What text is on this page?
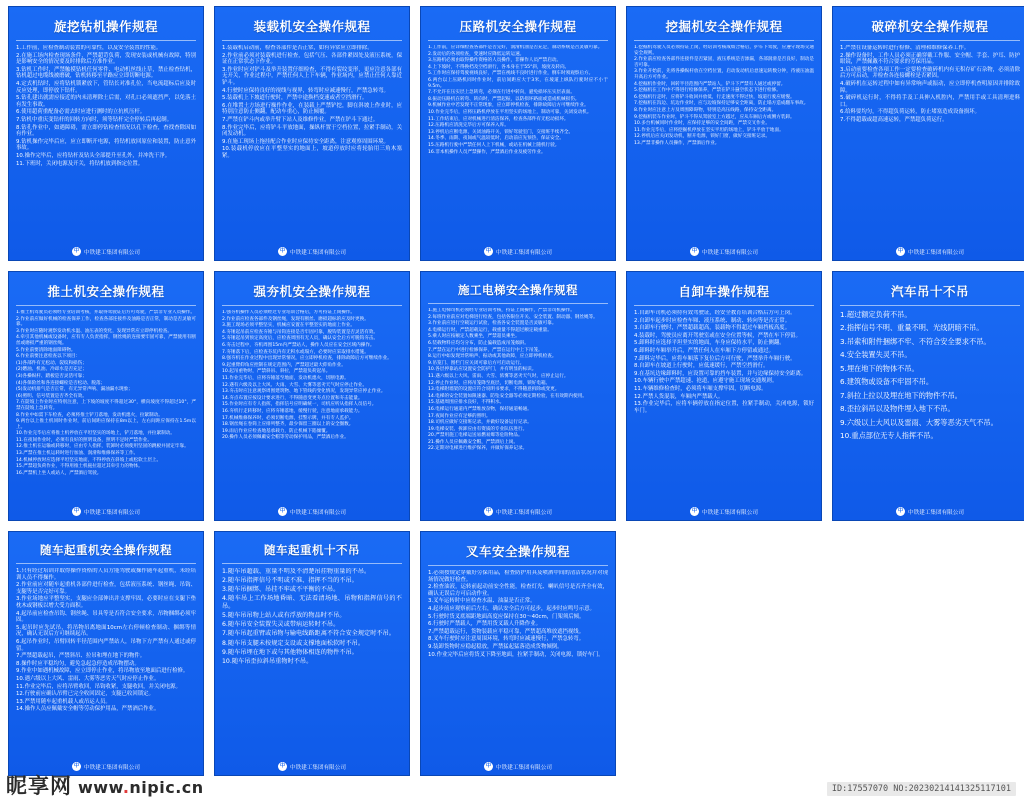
旋挖钻机操作规程

1.工作前，应检查制动装置的可靠性，以及安全装置的性能。

2.在施工场内检查现场条件，严禁超苛负荷，发现安装或机械有故障，特别是影响安全的情况要及时排除后方准作业。

3.钻机工作时，严禁触摸钻机任何零件、电动机丝线止草，禁止检查钻机，钻机超过电缆线被磨破，钻机转移至平路应立即切断电源。

4.定式机钻时，应将钻机锁紧放下，管钻长对准孔位，当电流超标后应及时反应处理，即停放下钻杆。

5.钻孔建出就需应接近的内未清理除土后需，对孔口必须遮挡严，以免落土有发生事故。

6.使用超荷重配备必需去时应进行测时的立抗机压杆。

7.钻机中重庆变钻杆的回转方向时，须等钻杆完全停转后再起制。

8.钻孔作业中，如遇障碍，需立即停钻检查情况以孔下检查，查找查除因如有作业。

9.钻机操作完毕后应，应立即断开电源，将钻机放回原位和装置，防止意外事故。

10.操作完毕后，应将钻杆及钻头全部提升至孔外，并冲洗干净。

11.下班时，关闭电源及开关，将钻机放到指定位置。

中 中铁建工集团有限公司
装载机安全操作规程

1.装载机启动前，检查各部件是否正常，如有异常应立即排除。

2.作业前必须对装载机进行检查，包括气压、各部件紧固处及液压系统，保证在正常状态下作业。

3.作业时应对铲斗及举升装置仔细检查，不得有裂纹变形，更应注意各部有无开关，作业过程中，严禁任何人上下车辆，作业场内，应禁止任何人靠近铲斗。

4.行驶时应保持良好的视线与视界，转弯时应减速慢行，严禁急转弯。

5.装载机上下坡道行驶时，严禁中途换档变速或者空挡滑行。

6.在堆置土方场进行操作作业，在装载上严禁铲挖，脚在斜坡上作业时，应特别注意防止侧翻，配动车重心，防止倾覆。

7.严禁在铲斗内或举升臂下站人及维修作业，严禁在铲斗下通过。

8.作业完毕后，应将铲斗平放地面，操纵杆置于空档位置，拉紧手制动，关闭发动机。

9.在施工现场上拖挂配合作业时应保持安全距离，注意观察周围环境。

10.装载机停放应在平整坚实的地面上，坡道停放时应将轮胎用三角木塞紧。

中 中铁建工集团有限公司
压路机安全操作规程

1.工作前，应详细检查各部件是否完好，润滑机油是否充足，制动系统是否灵敏可靠。

2.发动后的各项检查，变速时应降低运转运速。

3.压路机必须由取得操作资格的人员操作，非操作人员严禁启动。

4.上下坡时，不得换档及空档滑行，各本身在于55°斜，坡度及转向。

5.工作时应保持驾驶视线良好，严禁在视线不良时进行作业，倒车时须观察后方。

6.两台以上压路机同时作业时，前后间距应大于3米，在坡道上纵队行驶时应不小于9.5m。

7.不允许在压实层上急转弯，必须在行进中转向，避免损坏压实层表面。

8.振动压路机在转弯、转向时，严禁起振，以防损坏路面或造成机械损伤。

9.机械作业中若发现不正常现象，应立即停机检查，排除故障后方可继续作业。

10.作业完毕后，应将压路机停放在平坦坚实的场地上，制动可靠，关闭发动机。

11.工作结束后，应对机械进行清洁保养，检查各部件有无松动损坏。

12.压路机应清洗完毕后方可保养入库。

13.停机后应断电源，关闭油路开关，锁好驾驶室门，交接班手续齐全。

14.冬季、雨期、夜间或气温较低时，启动前应先预热，保证安全。

15.压路机行驶中严禁任何人上下机械，或站在机械上随机行驶。

16.非本机操作人员严禁操作，严禁酒后作业及疲劳作业。

中 中铁建工集团有限公司
挖掘机安全操作规程

1.挖掘机驾驶人员必须持证上岗，经培训考核成绩合格后，护车下驾驶，应遵守现场交通安全规则。

2.作业前应检查各部件连接件是否紧固，液压系统是否渗漏，各部润滑是否良好，制动是否可靠。

3.作业开始前，先将各操纵杆放在空档位置，启动发动机后怠速运转数分钟，待液压油温升高后方可作业。

4.挖掘机作业时，回转半径范围内严禁站人，铲斗下严禁有人通过或停留。

5.挖掘机在工作中不得进行检修保养，严禁在铲斗悬空状态下进行检修。

6.挖掘机行走时，应将铲斗收回并放低，行走速度不得过快，坡道行驶应缓慢。

7.挖掘机在沟边、坑边作业时，应与边坡保持足够安全距离，防止塌方造成翻车事故。

8.作业时应注意上方及周围障碍物，特别是高压线路，保持安全距离。

9.挖掘机装车作业时，铲斗不得从驾驶室上方越过，应从车厢后方或侧方装卸。

10.多台机械同时作业时，应保持足够的安全间距，严禁交叉作业。

11.作业完毕后，应将挖掘机停放在坚实平坦的场地上，铲斗平放于地面。

12.停机后应关闭发动机，断开电源，锁好门窗，做好交接班记录。

13.严禁非操作人员操作，严禁酒后作业。

中 中铁建工集团有限公司
破碎机安全操作规程

1.严禁在设备运转时进行检修、清理和维修保养工作。

2.操作设备时，工作人员必须正确穿戴工作服、安全帽、手套、护耳、防护眼镜，严禁佩戴不符合要求的劳保用品。

3.启动前要检查各项工作一定要检查破碎机内有无积存矿石杂物，必须清除后方可启动，并检查各连接螺栓是否紧固。

4.破碎机在运转过程中如有异常响声或振动，应立即停机查明原因并排除故障。

5.破碎机运行时，不得将手及工具伸入机腔内，严禁用手或工具清理进料口。

6.给料要均匀，不得超负荷运转，防止堵塞造成设备损坏。

7.不得超载或超高速运转，严禁超负荷运行。

中 中铁建工集团有限公司
推土机安全操作规程

1.推土机驾驶员必须经专业培训考核，并取得驾驶证后方可驾驶，严禁非专业人员操作。

2.作业前应做好机械的检查保养工作，检查各部连接件及油路是否正常，制动是否灵敏可靠。

3.作业时应随时观察发动机水温、油压表的变化，发现异常应立即停机检查。

4.牵引其他机械或设备时，应有专人负责指挥，钢丝绳的连接要牢固可靠，严禁使用有断丝或磨损严重的钢丝绳。

5.作业前要清除地面障碍物。

6.作业前要注意检查以下项目：

(1)各部件有无松动、裂纹和损伤；

(2)燃油、机油、冷却水是否充足；

(3)各操纵杆、踏板是否灵活可靠；

(4)各保险丝和各连接螺栓是否松动、脱落；

(5)发动机排气是否正常，有无异常声响、漏油漏水现象；

(6)照明、信号装置是否齐全有效。

7.在陡坡上作业时应特别注意，上下坡的坡度不得超过30°，横向坡度不得超过10°，严禁在陡坡上急转弯。

8.作业中如需下车检查，必须将推土铲刀落地，发动机熄火，拉紧制动。

9.两台以上推土机同时作业时，前后间距应保持在8m以上，左右间距应保持在1.5m以上。

10.作业完毕后应将推土机停放在平坦坚实的场地上，铲刀落地，并拉紧制动。

11.在夜间作业时，必须有良好的照明设备，照明不足时严禁作业。

12.推土机在运输或转移时，应由专人指挥，装卸时必须使用坚固的跳板并固定牢靠。

13.严禁在推土机运转时进行加油、润滑和维修保养等工作。

14.机械停放时应选择平坦坚实地面，不得停放在斜坡上或松软土层上。

15.严禁超负荷作业，不得用推土机拖拉超过其牵引力的物体。

16.严禁机上坐人或站人，严禁酒后驾驶。

中 中铁建工集团有限公司
强夯机安全操作规程

1.强夯机操作人员必须经过专业培训合格后，方可持证上岗操作。

2.作业前应检查各部件及钢丝绳，发现有断丝、磨损超标的应及时更换。

3.施工现场必须平整坚实，机械应安置在平整坚实的地面上作业。

4.夯锤起吊前应检查夯锤与吊钩连接是否牢固可靠，脱钩装置是否灵活有效。

5.夯锤起吊到预定高度后，应检查周围有无人员，确认安全后方可脱钩夯击。

6.夯击过程中，夯机周围15m内严禁站人，操作人员应在安全区域内操作。

7.夯锤落下后，应检查夯坑内有无积水或塌方，必要时应采取排水措施。

8.强夯机在作业过程中出现异常情况，应立即停机检查，排除故障后方可继续作业。

9.起重臂仰角应控制在规定范围内，严禁超过最大仰角作业。

10.起吊重物时，严禁斜吊、斜拉，严禁超负荷起吊。

11.作业完毕后，应将夯锤落至地面，发动机熄火，切断电源。

12.遇有六级及以上大风、大雨、大雪、大雾等恶劣天气时应停止作业。

13.夯击时应注意观察周围建筑物、地下管线的变化情况，发现异常应停止作业。

14.夯点布置应按设计要求进行，不得随意变更夯点位置和夯击能量。

15.作业时应有专人指挥，指挥信号应明确统一，司机应听从指挥人员信号。

16.夯机行走转移时，应将夯锤落地，缓慢行驶，注意地面承载能力。

17.机械维修保养时，必须切断电源，挂警示牌，并有专人监护。

18.钢丝绳在卷筒上应排列整齐，最少保留三圈以上的安全圈数。

19.雨后作业应检查地基承载力，防止机械下陷倾覆。

20.操作人员必须佩戴安全帽等劳动保护用品，严禁酒后作业。

中 中铁建工集团有限公司
施工电梯安全操作规程

1.施工电梯司机必须经专业培训考核，持证上岗操作，严禁非司机操作。

2.每班作业前应对电梯进行检查，包括各限位开关、安全装置、制动器、钢丝绳等。

3.作业前应进行空载运行试验，检查各安全装置是否灵敏可靠。

4.电梯运行时，严禁超载运行，载重量不得超过额定载重量。

5.乘人时应按额定人数乘坐，严禁超员乘坐。

6.装载物料应均匀分布，防止偏载造成吊笼倾斜。

7.严禁在运行中进行检修保养，严禁在运行中上下吊笼。

8.运行中如发现异常响声、振动或其他故障，应立即停机检查。

9.吊笼门、围栏门应关闭可靠后方可启动运行。

10.各层停靠站应设置安全防护门，并有明显的标识。

11.遇六级以上大风、雷雨、大雪、浓雾等恶劣天气时，应停止运行。

12.停止作业时，应将吊笼降至底层，切断电源，锁好电箱。

13.电梯附墙架的设置应符合说明书要求，不得随意拆除或变更。

14.电梯的安全装置如限速器、防坠安全器等必须定期检验，在有效期内使用。

15.基础周围应排水良好，不得积水。

16.电梯运行通道内严禁堆放杂物，保持通道畅通。

17.夜间作业应有足够的照明。

18.司机应做好交接班记录，并做好设备运行记录。

19.电梯安装、拆卸应由有资质的专业队伍进行。

20.严禁用施工电梯运送易燃易爆等危险物品。

21.操作人员应佩戴安全帽，严禁酒后上岗。

22.定期对电梯进行维护保养，并做好保养记录。

中 中铁建工集团有限公司
自卸车操作规程

1.自卸车司机必须持有效驾驶证，经安全教育培训合格后方可上岗。

2.自卸车起步时应检查车厢、液压系统、制动、转向等是否正常。

3.自卸车行驶时，严禁超载超高，装载物不得超过车厢挡板高度。

4.装载时，驾驶员应离开驾驶室或在安全位置等候，严禁在车下停留。

5.卸料时应选择平坦坚实的地面，车身应保持水平，防止侧翻。

6.卸料时车厢举升后，严禁任何人在车厢下方停留或通过。

7.卸料完毕后，应将车厢落下复位后方可行驶，严禁举升车厢行驶。

8.自卸车在坡道上行驶时，应低速缓行，严禁空挡滑行。

9.在基坑边缘卸料时，应设置可靠的挡车装置，并与边缘保持安全距离。

10.车辆行驶中严禁超速、抢道，应遵守施工现场交通规则。

11.车辆维修检查时，必须将车厢支撑牢固，切断电源。

12.严禁人货混装，车厢内严禁载人。

13.作业完毕后，应将车辆停放在指定位置，拉紧手制动，关闭电源，锁好车门。

中 中铁建工集团有限公司
汽车吊十不吊

1.超过额定负荷不吊。

2.指挥信号不明、重量不明、光线阴暗不吊。

3.吊索和附件捆绑不牢、不符合安全要求不吊。

4.安全装置失灵不吊。

5.埋在地下的物体不吊。

6.建筑物或设备不牢固不吊。

7.斜拉上拉以及埋在地下的物件不吊。

8.歪拉斜吊以及物件埋入地下不吊。

9.六级以上大风以及雷雨、大雾等恶劣天气不吊。

10.重点部位无专人指挥不吊。

中 中铁建工集团有限公司
随车起重机安全操作规程

1.只有经过培训并取得操作资格的人员方能驾驶或操作随车起重机，未经培训人员不得操作。

2.作业前应对随车起重机各部件进行检查，包括液压系统、钢丝绳、吊钩、支腿等是否完好可靠。

3.作业场地应平整坚实，支腿应全部伸出并支撑牢固，必要时应在支腿下垫枕木或钢板以增大受力面积。

4.起吊前应检查吊钩、钢丝绳、吊具等是否符合安全要求，吊物捆绑必须牢固。

5.起吊时应先试吊，将吊物吊离地面10cm左右停顿检查制动、捆绑等情况，确认无误后方可继续起吊。

6.起吊作业时，吊臂回转半径范围内严禁站人，吊物下方严禁有人通过或停留。

7.严禁超载起吊，严禁斜吊、拉吊和埋在地下的物件。

8.操作时应平稳均匀，避免急起急停造成吊物摆动。

9.作业中如遇机械故障，应立即停止作业，将吊物放至地面后进行检修。

10.遇六级以上大风、雷雨、大雾等恶劣天气时应停止作业。

11.作业完毕后，应将吊臂收回，吊钩收紧，支腿收回，并关闭电源。

12.行驶前应确认吊臂已完全收回固定，支腿已收回锁定。

13.严禁用随车起重机载人或吊运人员。

14.操作人员应佩戴安全帽等劳动保护用品，严禁酒后作业。

中 中铁建工集团有限公司
随车起重机十不吊

1.随车吊超载、重量不明及不清楚吊挂物重量的不吊。

2.随车吊指挥信号不明或不准、指挥不当的不吊。

3.随车吊捆绑、吊挂不牢或不平衡的不吊。

4.随车吊上工作场地昏暗、无法看清场地、吊物和指挥信号的不吊。

5.随车吊吊物上站人或有浮放的物品时不吊。

6.随车吊安全装置失灵或带病运转时不吊。

7.随车吊起重臂或吊物与输电线路距离不符合安全规定时不吊。

8.随车吊支腿未按规定支设或支撑地面松软时不吊。

9.随车吊埋在地下或与其他物体相连的物件不吊。

10.随车吊歪拉斜吊重物时不吊。

中 中铁建工集团有限公司
叉车安全操作规程

1.必须按规定穿戴好劳保用品，检查防护用具及喷洒中间的清洁状况并对现场情况做好检查。

2.检查油液，运转前起动前安全性能，检查灯光、喇叭信号是否齐全有效，确认无误后方可启动作业。

3.叉车运转时中应检查水温、油温是否正常。

4.起步前应观察前后左右，确认安全后方可起步，起步时应鸣号示意。

5.行驶时货叉底端距地面高度应保持在30～40cm，门架须后倾。

6.行驶时严禁载人，严禁用货叉载人升降作业。

7.严禁超载运行，货物装载应平稳可靠，严禁超高堆放遮挡视线。

8.叉车行驶时应注意周围环境，转弯时应减速慢行，严禁急转弯。

9.装卸货物时应稳起稳放，严禁猛起猛落造成货物倾倒。

10.作业完毕后应将货叉下降至地面，拉紧手制动，关闭电源，锁好车门。

中 中铁建工集团有限公司
昵享网 www.nipic.cn	ID:17557070 NO:20230214141325117101
